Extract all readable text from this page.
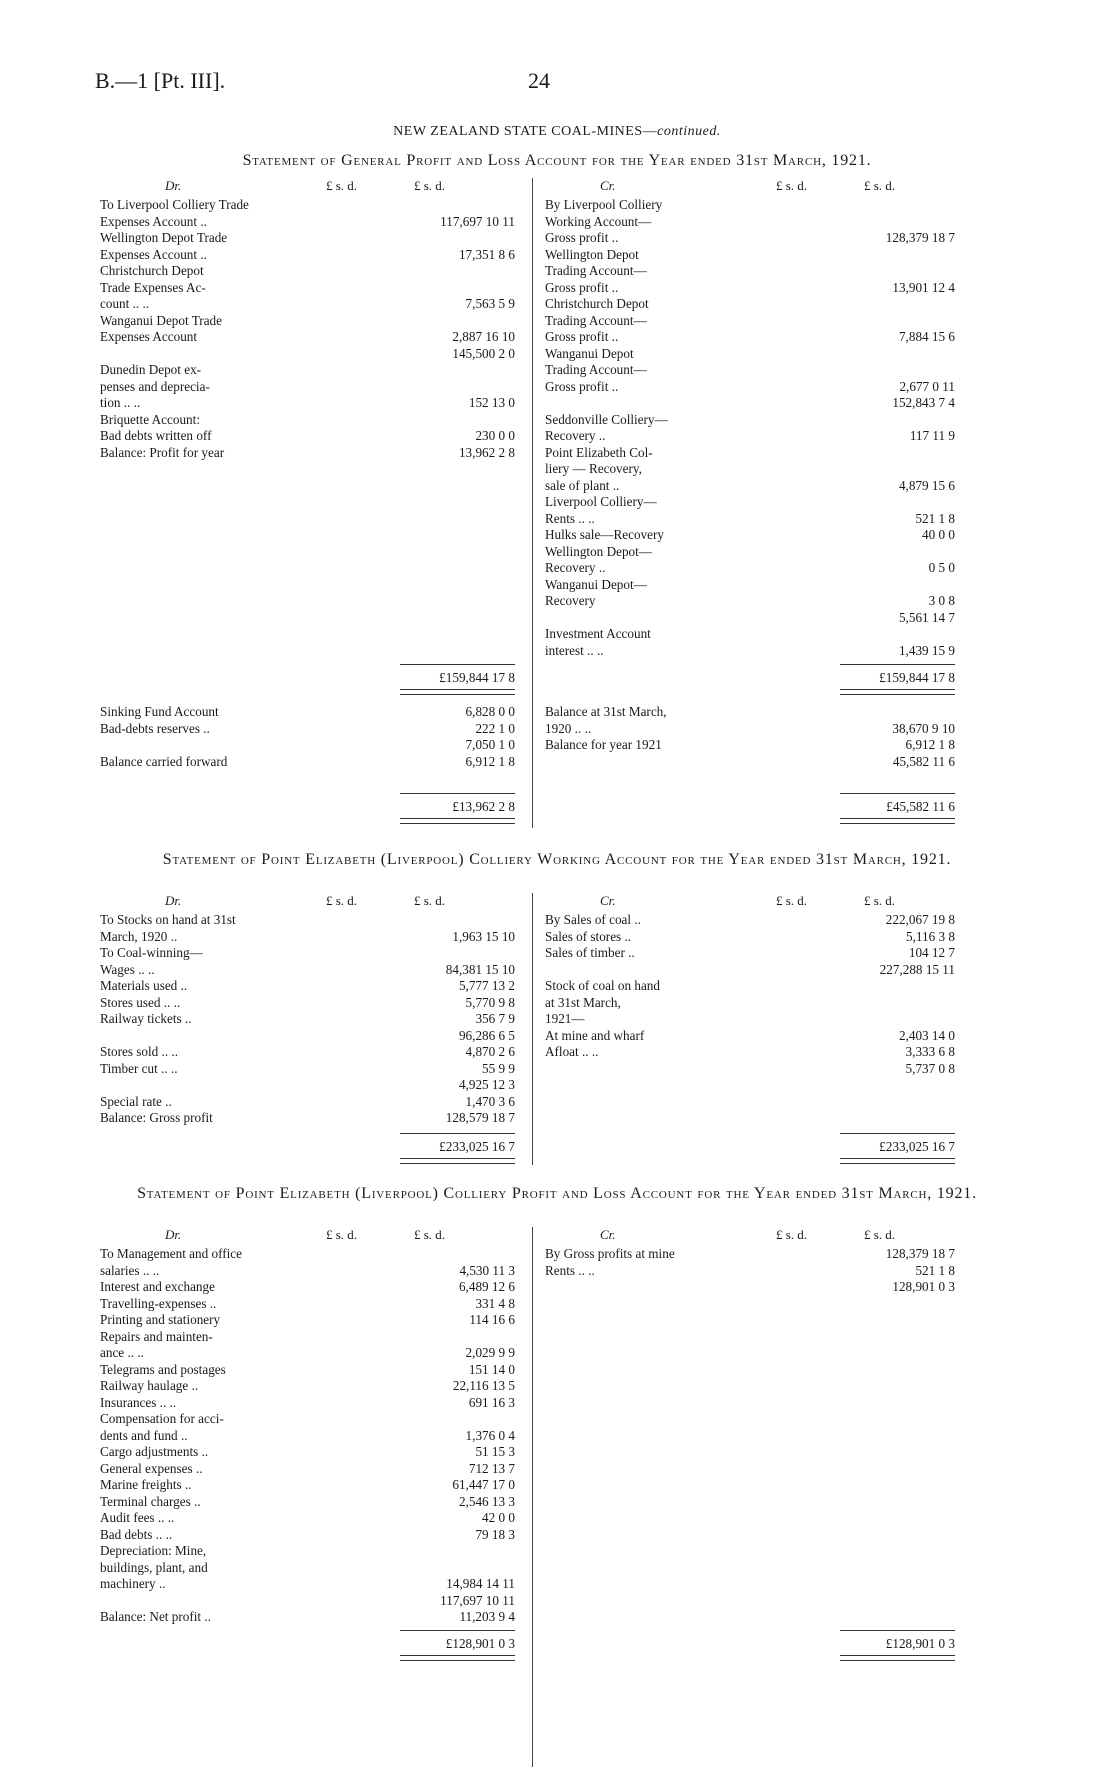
B.—1 [Pt. III].	24
NEW ZEALAND STATE COAL-MINES—continued.
Statement of General Profit and Loss Account for the Year ended 31st March, 1921.
Statement of Point Elizabeth (Liverpool) Colliery Working Account for the Year ended 31st March, 1921.
Statement of Point Elizabeth (Liverpool) Colliery Profit and Loss Account for the Year ended 31st March, 1921.
Dr.	£ s. d.	£ s. d.	Cr.	£ s. d.	£ s. d.
To Liverpool Colliery Trade
Expenses Account ..	117,697 10 11
Wellington Depot Trade
Expenses Account ..	17,351 8 6
Christchurch Depot
Trade Expenses Ac-
count .. ..	7,563 5 9
Wanganui Depot Trade
Expenses Account	2,887 16 10
145,500 2 0
Dunedin Depot ex-
penses and deprecia-
tion .. ..	152 13 0
Briquette Account:
Bad debts written off	230 0 0
Balance: Profit for year	13,962 2 8
£159,844 17 8
Sinking Fund Account	6,828 0 0
Bad-debts reserves ..	222 1 0
7,050 1 0
Balance carried forward	6,912 1 8
£13,962 2 8
By Liverpool Colliery
Working Account—
Gross profit ..	128,379 18 7
Wellington Depot
Trading Account—
Gross profit ..	13,901 12 4
Christchurch Depot
Trading Account—
Gross profit ..	7,884 15 6
Wanganui Depot
Trading Account—
Gross profit ..	2,677 0 11
152,843 7 4
Seddonville Colliery—
Recovery ..	117 11 9
Point Elizabeth Col-
liery — Recovery,
sale of plant ..	4,879 15 6
Liverpool Colliery—
Rents .. ..	521 1 8
Hulks sale—Recovery	40 0 0
Wellington Depot—
Recovery ..	0 5 0
Wanganui Depot—
Recovery	3 0 8
5,561 14 7
Investment Account
interest .. ..	1,439 15 9
£159,844 17 8
Balance at 31st March,
1920 .. ..	38,670 9 10
Balance for year 1921	6,912 1 8
45,582 11 6
£45,582 11 6
Dr.	£ s. d.	£ s. d.	Cr.	£ s. d.	£ s. d.
To Stocks on hand at 31st
March, 1920 ..	1,963 15 10
To Coal-winning—
Wages .. ..	84,381 15 10
Materials used ..	5,777 13 2
Stores used .. ..	5,770 9 8
Railway tickets ..	356 7 9
96,286 6 5
Stores sold .. ..	4,870 2 6
Timber cut .. ..	55 9 9
4,925 12 3
Special rate ..	1,470 3 6
Balance: Gross profit	128,579 18 7
£233,025 16 7
By Sales of coal ..	222,067 19 8
Sales of stores ..	5,116 3 8
Sales of timber ..	104 12 7
227,288 15 11
Stock of coal on hand
at 31st March,
1921—
At mine and wharf	2,403 14 0
Afloat .. ..	3,333 6 8
5,737 0 8
£233,025 16 7
Dr.	£ s. d.	£ s. d.	Cr.	£ s. d.	£ s. d.
To Management and office
salaries .. ..	4,530 11 3
Interest and exchange	6,489 12 6
Travelling-expenses ..	331 4 8
Printing and stationery	114 16 6
Repairs and mainten-
ance .. ..	2,029 9 9
Telegrams and postages	151 14 0
Railway haulage ..	22,116 13 5
Insurances .. ..	691 16 3
Compensation for acci-
dents and fund ..	1,376 0 4
Cargo adjustments ..	51 15 3
General expenses ..	712 13 7
Marine freights ..	61,447 17 0
Terminal charges ..	2,546 13 3
Audit fees .. ..	42 0 0
Bad debts .. ..	79 18 3
Depreciation: Mine,
buildings, plant, and
machinery ..	14,984 14 11
117,697 10 11
Balance: Net profit ..	11,203 9 4
£128,901 0 3
By Gross profits at mine	128,379 18 7
Rents .. ..	521 1 8
128,901 0 3
£128,901 0 3
